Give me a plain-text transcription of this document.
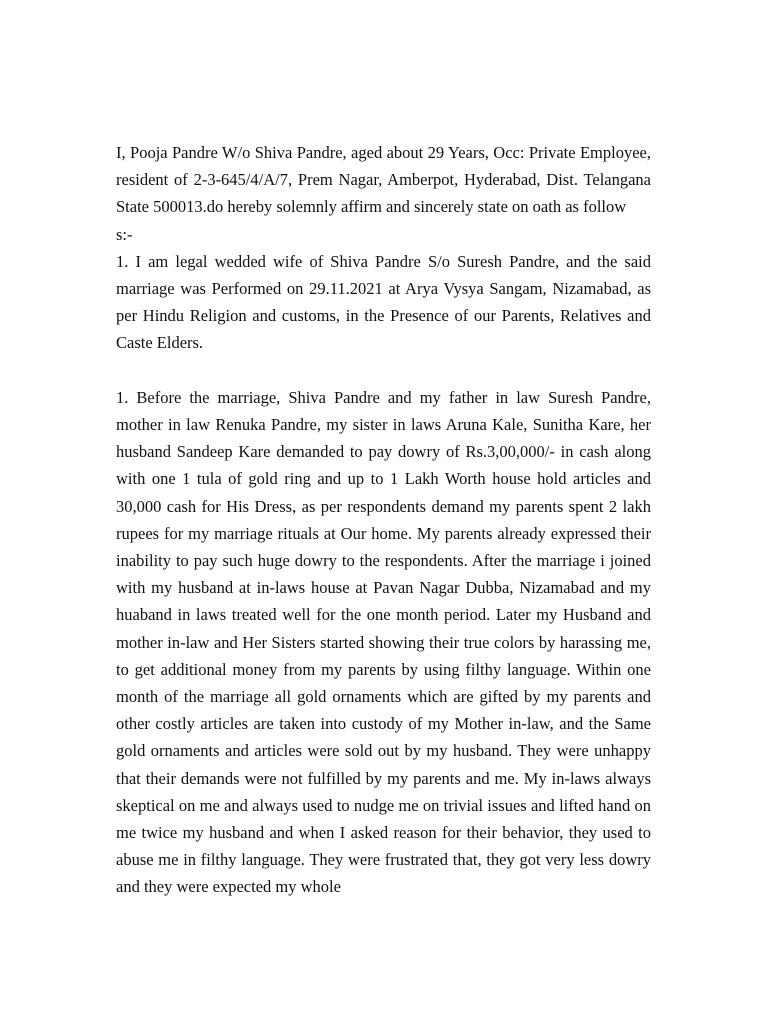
I, Pooja Pandre W/o Shiva Pandre, aged about 29 Years, Occ: Private Employee, resident of 2-3-645/4/A/7, Prem Nagar, Amberpot, Hyderabad, Dist. Telangana State 500013.do hereby solemnly affirm and sincerely state on oath as follow

s:-

1. I am legal wedded wife of Shiva Pandre S/o Suresh Pandre, and the said marriage was Performed on 29.11.2021 at Arya Vysya Sangam, Nizamabad, as per Hindu Religion and customs, in the Presence of our Parents, Relatives and Caste Elders.

1. Before the marriage, Shiva Pandre and my father in law Suresh Pandre, mother in law Renuka Pandre, my sister in laws Aruna Kale, Sunitha Kare, her husband Sandeep Kare demanded to pay dowry of Rs.3,00,000/- in cash along with one 1 tula of gold ring and up to 1 Lakh Worth house hold articles and 30,000 cash for His Dress, as per respondents demand my parents spent 2 lakh rupees for my marriage rituals at Our home. My parents already expressed their inability to pay such huge dowry to the respondents. After the marriage i joined with my husband at in-laws house at Pavan Nagar Dubba, Nizamabad and my huaband in laws treated well for the one month period. Later my Husband and mother in-law and Her Sisters started showing their true colors by harassing me, to get additional money from my parents by using filthy language. Within one month of the marriage all gold ornaments which are gifted by my parents and other costly articles are taken into custody of my Mother in-law, and the Same gold ornaments and articles were sold out by my husband. They were unhappy that their demands were not fulfilled by my parents and me. My in-laws always skeptical on me and always used to nudge me on trivial issues and lifted hand on me twice my husband and when I asked reason for their behavior, they used to abuse me in filthy language. They were frustrated that, they got very less dowry and they were expected my whole
